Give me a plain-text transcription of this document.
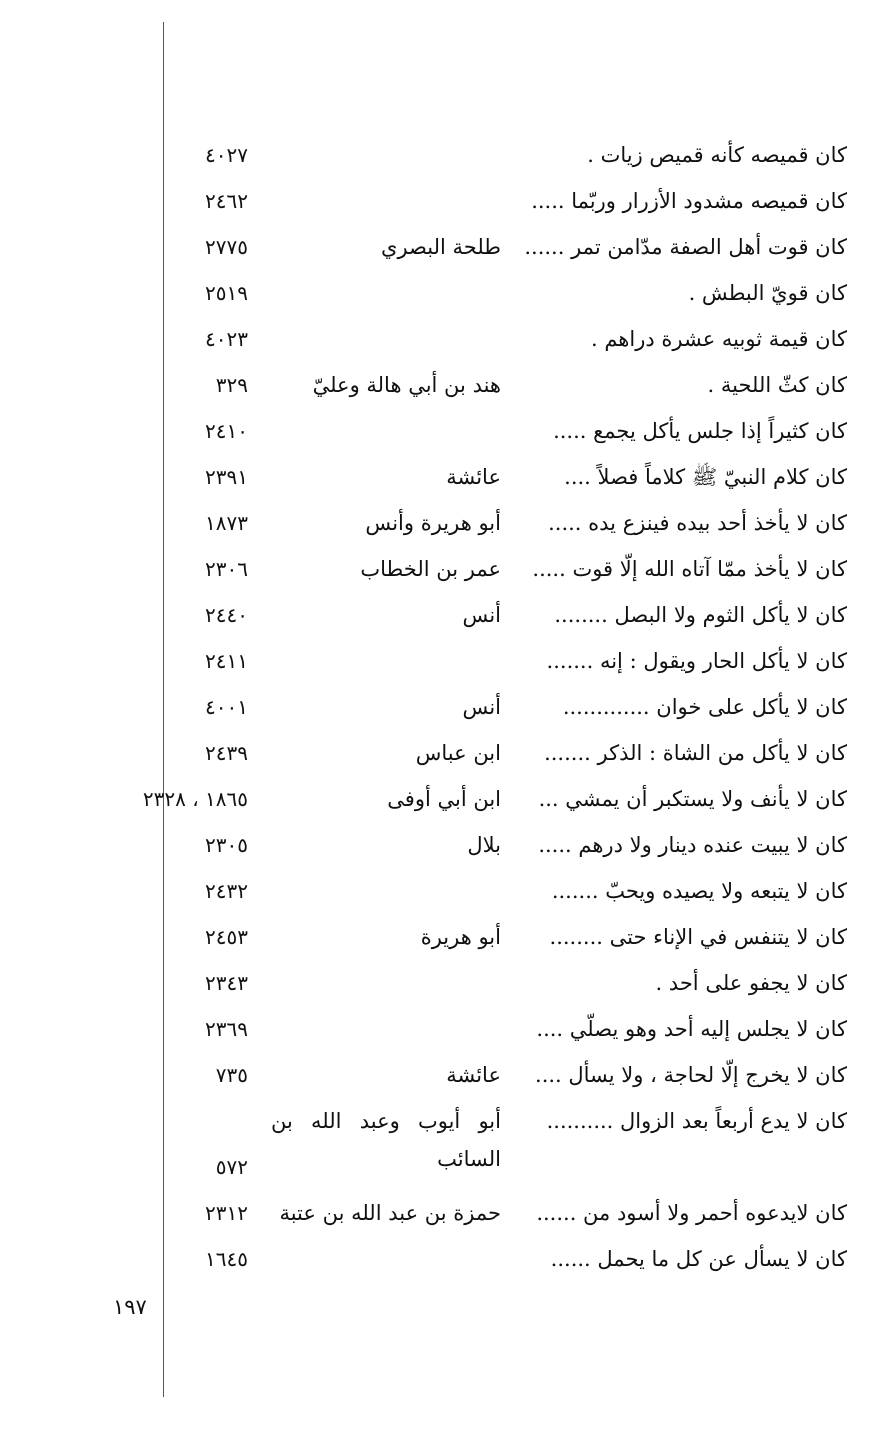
كان قميصه كأنه قميص زيات .
٤٠٢٧
كان قميصه مشدود الأزرار وربّما .....
٢٤٦٢
كان قوت أهل الصفة مدّامن تمر ......
طلحة البصري
٢٧٧٥
كان قويّ البطش .
٢٥١٩
كان قيمة ثوبيه عشرة دراهم .
٤٠٢٣
كان كثّ اللحية .
هند بن أبي هالة وعليّ
٣٢٩
كان كثيراً إذا جلس يأكل يجمع .....
٢٤١٠
كان كلام النبيّ ﷺ كلاماً فصلاً ....
عائشة
٢٣٩١
كان لا يأخذ أحد بيده فينزع يده .....
أبو هريرة وأنس
١٨٧٣
كان لا يأخذ ممّا آتاه الله إلّا قوت .....
عمر بن الخطاب
٢٣٠٦
كان لا يأكل الثوم ولا البصل ........
أنس
٢٤٤٠
كان لا يأكل الحار ويقول : إنه .......
٢٤١١
كان لا يأكل على خوان .............
أنس
٤٠٠١
كان لا يأكل من الشاة : الذكر .......
ابن عباس
٢٤٣٩
كان لا يأنف ولا يستكبر أن يمشي ...
ابن أبي أوفى
١٨٦٥ ، ٢٣٢٨
كان لا يبيت عنده دينار ولا درهم .....
بلال
٢٣٠٥
كان لا يتبعه ولا يصيده ويحبّ .......
٢٤٣٢
كان لا يتنفس في الإناء حتى ........
أبو هريرة
٢٤٥٣
كان لا يجفو على أحد .
٢٣٤٣
كان لا يجلس إليه أحد وهو يصلّي ....
٢٣٦٩
كان لا يخرج إلّا لحاجة ، ولا يسأل ....
عائشة
٧٣٥
كان لا يدع أربعاً بعد الزوال ..........
أبو أيوب وعبد الله بن السائب
٥٧٢
كان لايدعوه أحمر ولا أسود من ......
حمزة بن عبد الله بن عتبة
٢٣١٢
كان لا يسأل عن كل ما يحمل ......
١٦٤٥
١٩٧
